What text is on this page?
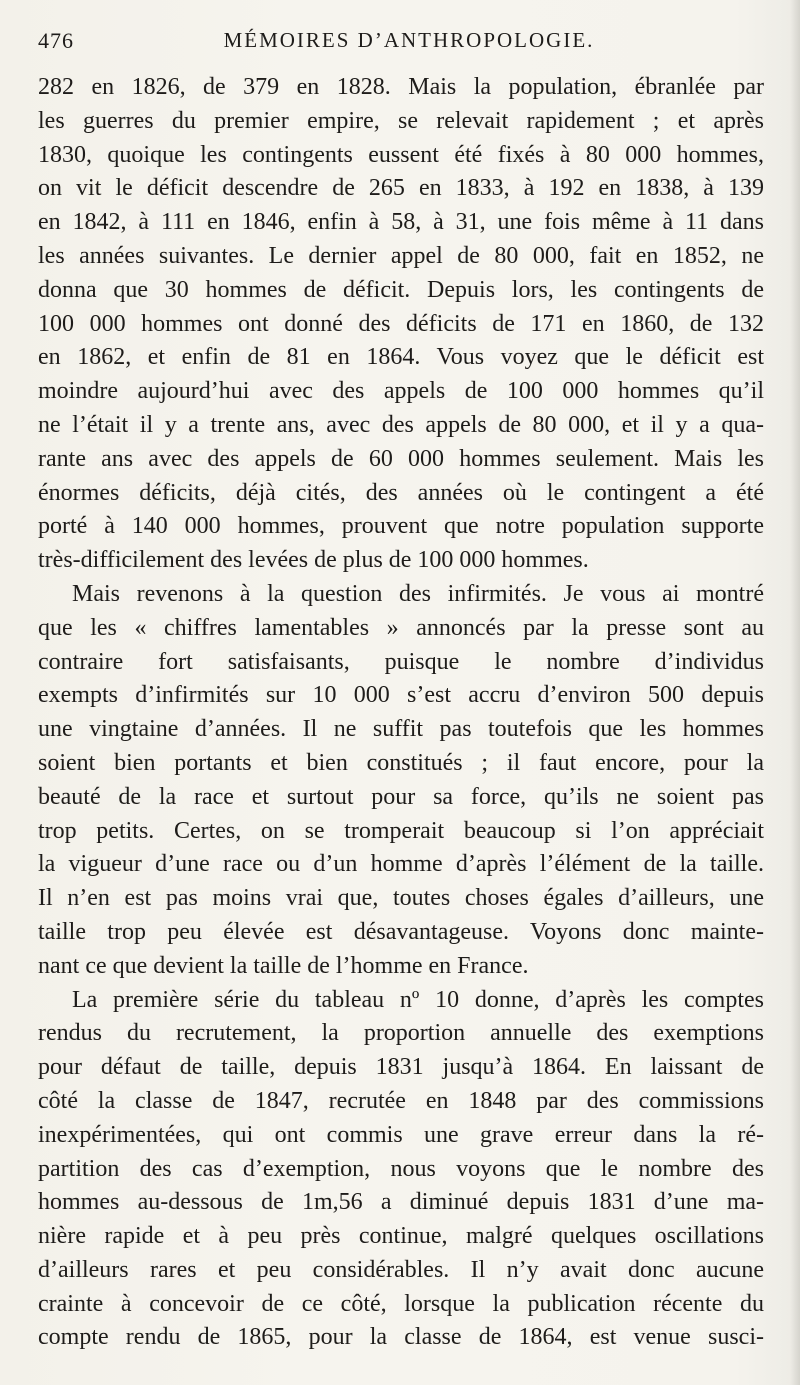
476	MÉMOIRES D’ANTHROPOLOGIE.
282 en 1826, de 379 en 1828. Mais la population, ébranlée par
les guerres du premier empire, se relevait rapidement ; et après
1830, quoique les contingents eussent été fixés à 80 000 hommes,
on vit le déficit descendre de 265 en 1833, à 192 en 1838, à 139
en 1842, à 111 en 1846, enfin à 58, à 31, une fois même à 11 dans
les années suivantes. Le dernier appel de 80 000, fait en 1852, ne
donna que 30 hommes de déficit. Depuis lors, les contingents de
100 000 hommes ont donné des déficits de 171 en 1860, de 132
en 1862, et enfin de 81 en 1864. Vous voyez que le déficit est
moindre aujourd’hui avec des appels de 100 000 hommes qu’il
ne l’était il y a trente ans, avec des appels de 80 000, et il y a qua-
rante ans avec des appels de 60 000 hommes seulement. Mais les
énormes déficits, déjà cités, des années où le contingent a été
porté à 140 000 hommes, prouvent que notre population supporte
très-difficilement des levées de plus de 100 000 hommes.
Mais revenons à la question des infirmités. Je vous ai montré
que les « chiffres lamentables » annoncés par la presse sont au
contraire fort satisfaisants, puisque le nombre d’individus
exempts d’infirmités sur 10 000 s’est accru d’environ 500 depuis
une vingtaine d’années. Il ne suffit pas toutefois que les hommes
soient bien portants et bien constitués ; il faut encore, pour la
beauté de la race et surtout pour sa force, qu’ils ne soient pas
trop petits. Certes, on se tromperait beaucoup si l’on appréciait
la vigueur d’une race ou d’un homme d’après l’élément de la taille.
Il n’en est pas moins vrai que, toutes choses égales d’ailleurs, une
taille trop peu élevée est désavantageuse. Voyons donc mainte-
nant ce que devient la taille de l’homme en France.
La première série du tableau nº 10 donne, d’après les comptes
rendus du recrutement, la proportion annuelle des exemptions
pour défaut de taille, depuis 1831 jusqu’à 1864. En laissant de
côté la classe de 1847, recrutée en 1848 par des commissions
inexpérimentées, qui ont commis une grave erreur dans la ré-
partition des cas d’exemption, nous voyons que le nombre des
hommes au-dessous de 1m,56 a diminué depuis 1831 d’une ma-
nière rapide et à peu près continue, malgré quelques oscillations
d’ailleurs rares et peu considérables. Il n’y avait donc aucune
crainte à concevoir de ce côté, lorsque la publication récente du
compte rendu de 1865, pour la classe de 1864, est venue susci-
